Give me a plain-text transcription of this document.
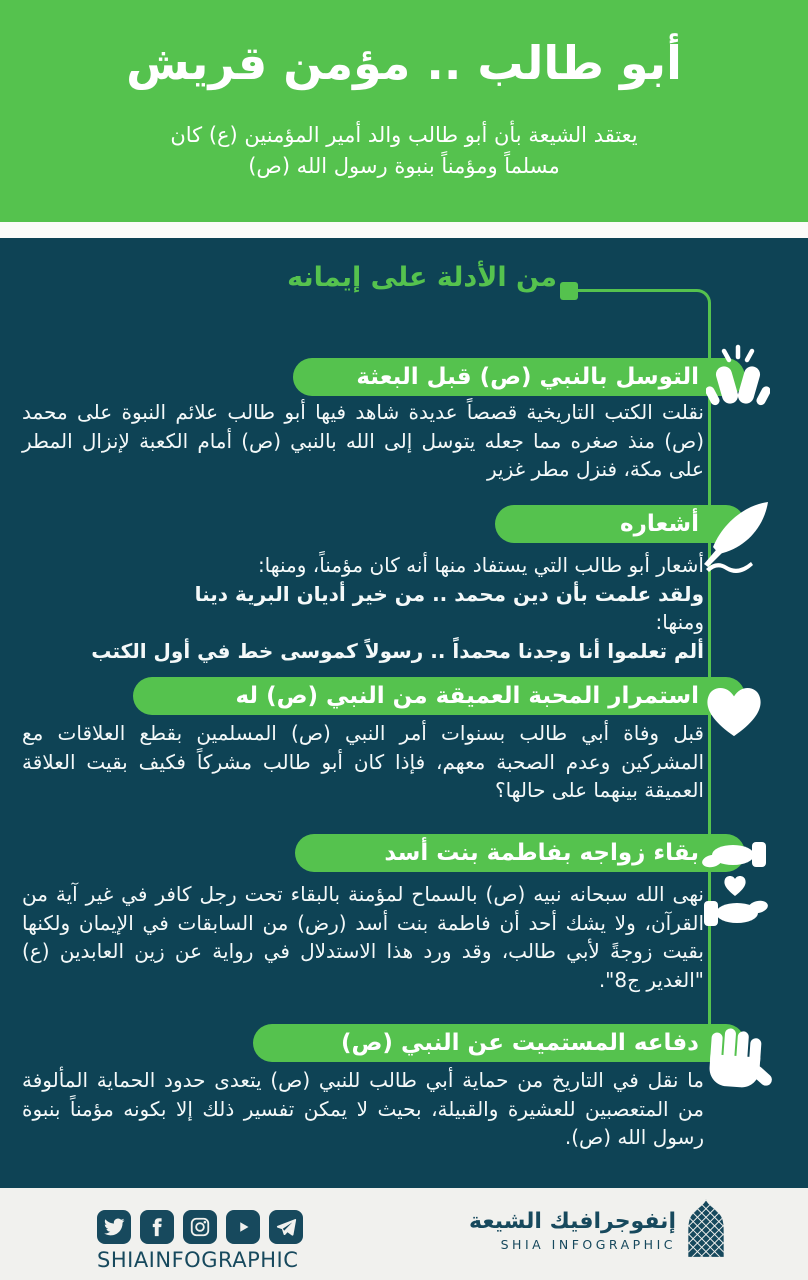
أبو طالب .. مؤمن قريش
يعتقد الشيعة بأن أبو طالب والد أمير المؤمنين (ع) كان
مسلماً ومؤمناً بنبوة رسول الله (ص)
من الأدلة على إيمانه
التوسل بالنبي (ص) قبل البعثة
نقلت الكتب التاريخية قصصاً عديدة شاهد فيها أبو طالب علائم النبوة على محمد (ص) منذ صغره مما جعله يتوسل إلى الله بالنبي (ص) أمام الكعبة لإنزال المطر على مكة، فنزل مطر غزير
أشعاره
أشعار أبو طالب التي يستفاد منها أنه كان مؤمناً، ومنها:
ولقد علمت بأن دين محمد .. من خير أديان البرية دينا
ومنها:
ألم تعلموا أنا وجدنا محمداً .. رسولاً كموسى خط في أول الكتب
استمرار المحبة العميقة من النبي (ص) له
قبل وفاة أبي طالب بسنوات أمر النبي (ص) المسلمين بقطع العلاقات مع المشركين وعدم الصحبة معهم، فإذا كان أبو طالب مشركاً فكيف بقيت العلاقة العميقة بينهما على حالها؟
بقاء زواجه بفاطمة بنت أسد
نهى الله سبحانه نبيه (ص) بالسماح لمؤمنة بالبقاء تحت رجل كافر في غير آية من القرآن، ولا يشك أحد أن فاطمة بنت أسد (رض) من السابقات في الإيمان ولكنها بقيت زوجةً لأبي طالب، وقد ورد هذا الاستدلال في رواية عن زين العابدين (ع) "الغدير ج8".
دفاعه المستميت عن النبي (ص)
ما نقل في التاريخ من حماية أبي طالب للنبي (ص) يتعدى حدود الحماية المألوفة من المتعصبين للعشيرة والقبيلة، بحيث لا يمكن تفسير ذلك إلا بكونه مؤمناً بنبوة رسول الله (ص).
SHIAINFOGRAPHIC
إنفوجرافيك الشيعة
SHIA INFOGRAPHIC
